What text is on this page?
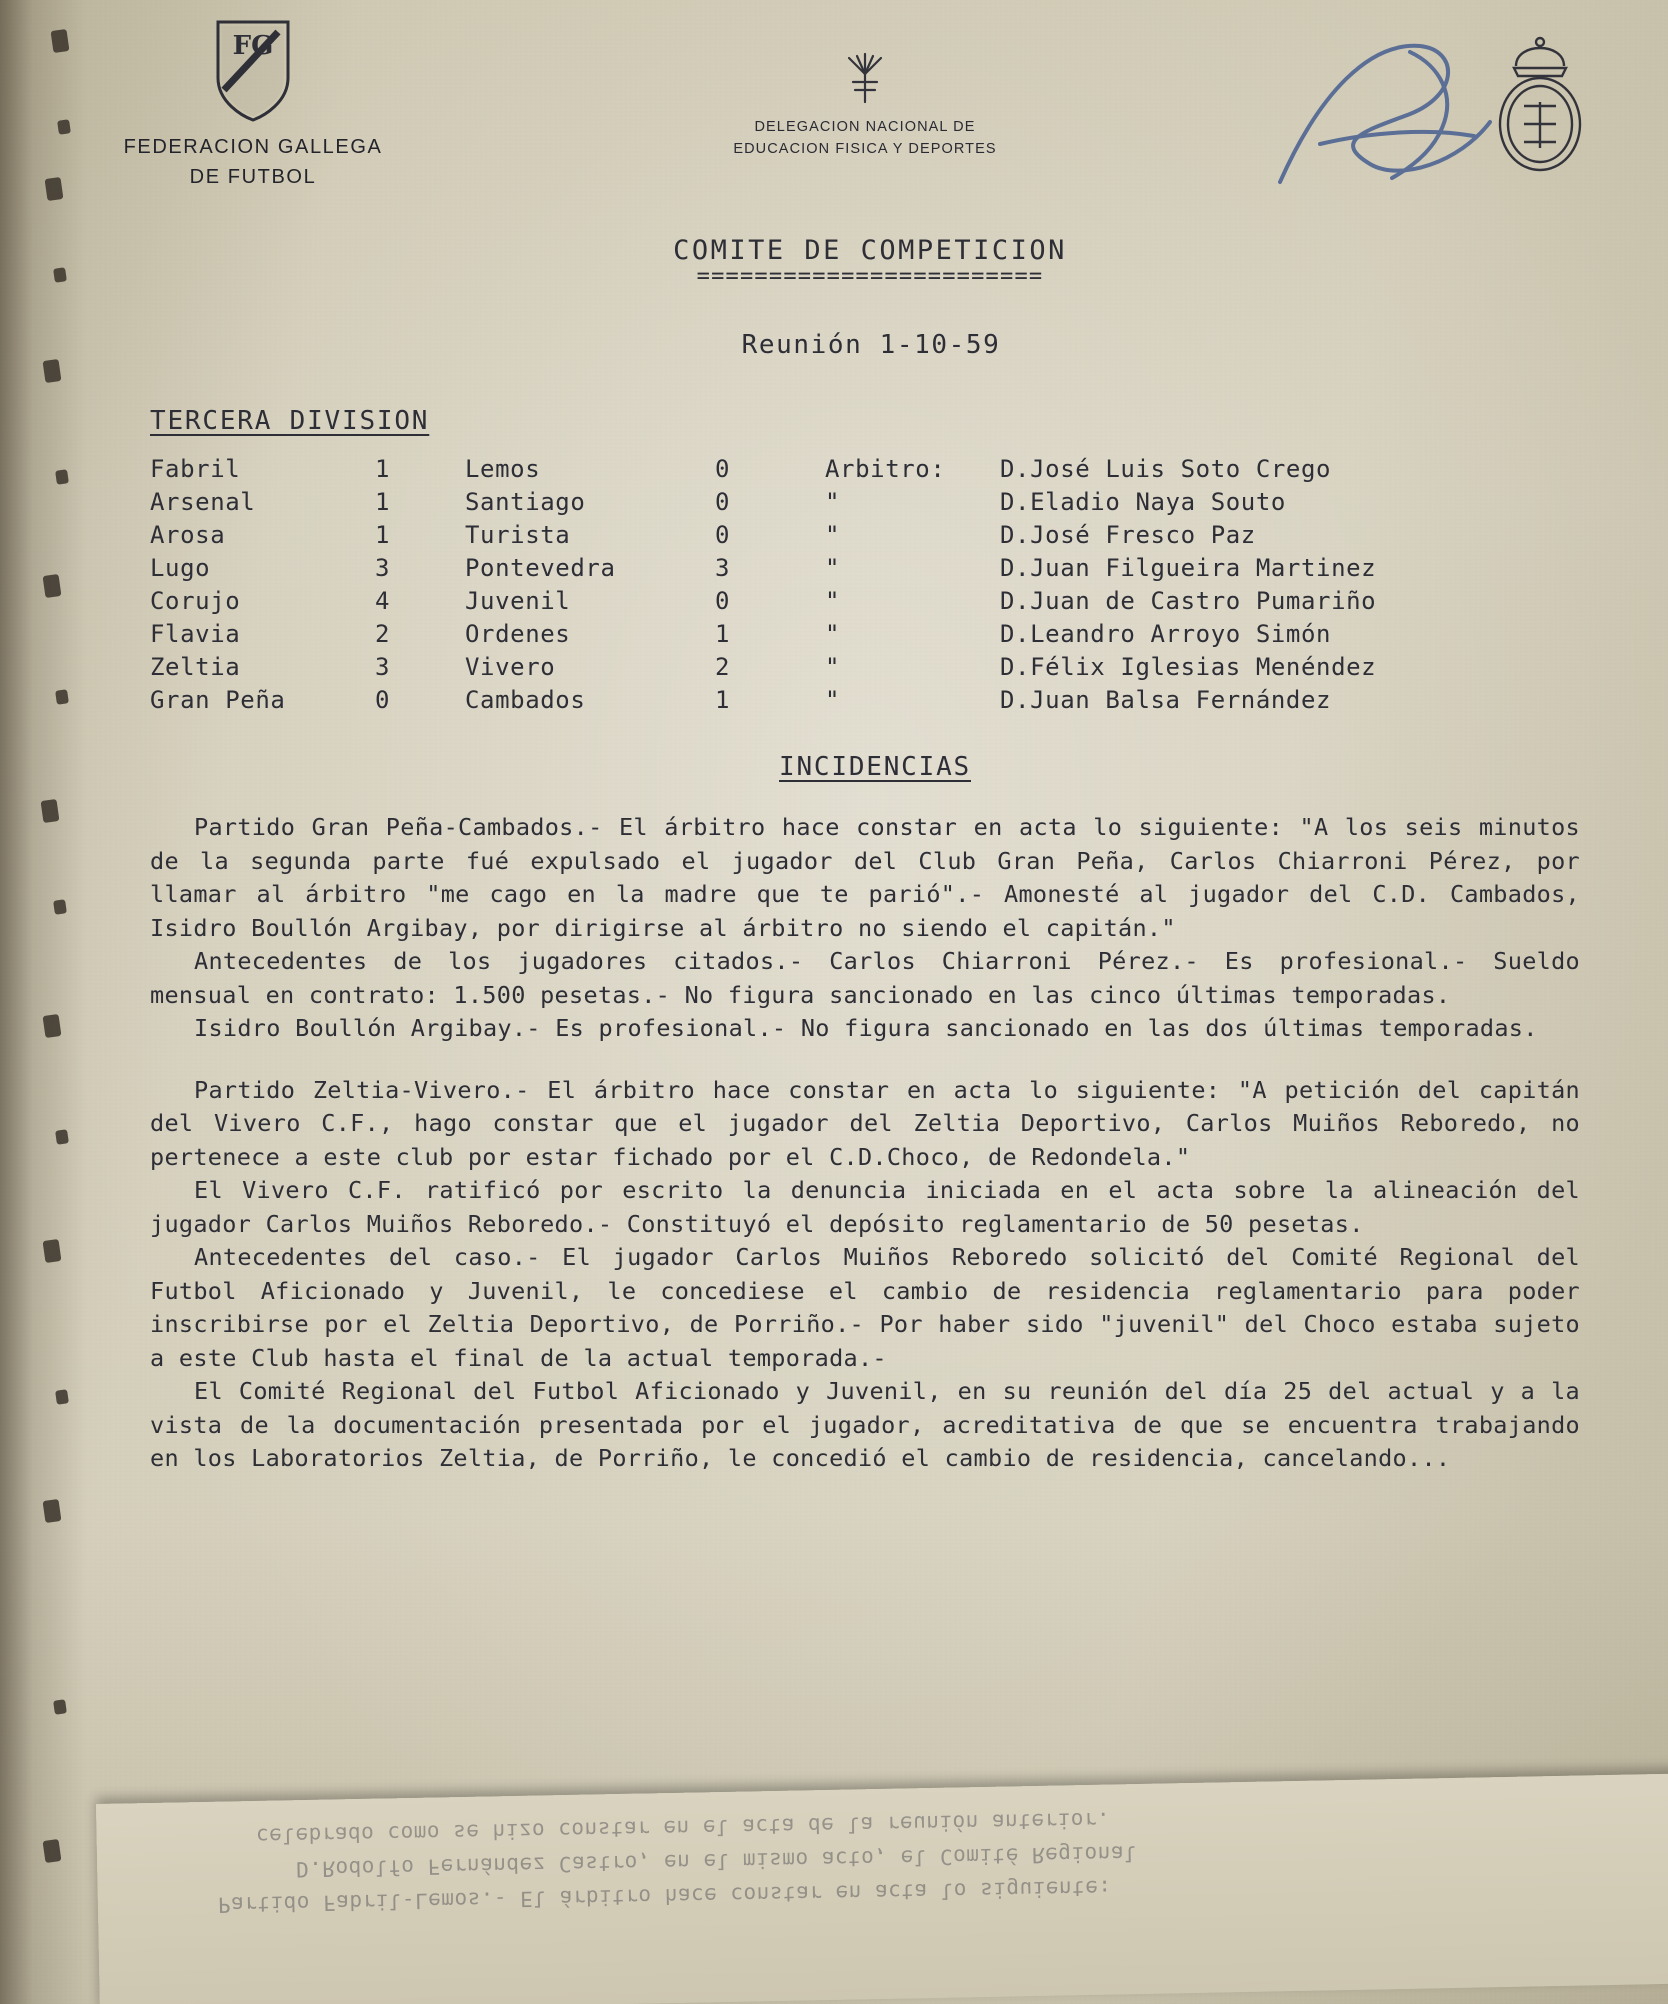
FG
FEDERACION GALLEGA
DE FUTBOL
DELEGACION NACIONAL DE
EDUCACION FISICA Y DEPORTES
COMITE DE COMPETICION
========================
Reunión 1-10-59
TERCERA DIVISION
Fabril	1	Lemos	0	Arbitro:	D.José Luis Soto Crego
Arsenal	1	Santiago	0	"	D.Eladio Naya Souto
Arosa	1	Turista	0	"	D.José Fresco Paz
Lugo	3	Pontevedra	3	"	D.Juan Filgueira Martinez
Corujo	4	Juvenil	0	"	D.Juan de Castro Pumariño
Flavia	2	Ordenes	1	"	D.Leandro Arroyo Simón
Zeltia	3	Vivero	2	"	D.Félix Iglesias Menéndez
Gran Peña	0	Cambados	1	"	D.Juan Balsa Fernández
INCIDENCIAS

Partido Gran Peña-Cambados.- El árbitro hace constar en acta lo siguiente: "A los seis minutos de la segunda parte fué expulsado el jugador del Club Gran Peña, Carlos Chiarroni Pérez, por llamar al árbitro "me cago en la madre que te parió".- Amonesté al jugador del C.D. Cambados, Isidro Boullón Argibay, por dirigirse al árbitro no siendo el capitán."

Antecedentes de los jugadores citados.- Carlos Chiarroni Pérez.- Es profesional.- Sueldo mensual en contrato: 1.500 pesetas.- No figura sancionado en las cinco últimas temporadas.

Isidro Boullón Argibay.- Es profesional.- No figura sancionado en las dos últimas temporadas.

Partido Zeltia-Vivero.- El árbitro hace constar en acta lo siguiente: "A petición del capitán del Vivero C.F., hago constar que el jugador del Zeltia Deportivo, Carlos Muiños Reboredo, no pertenece a este club por estar fichado por el C.D.Choco, de Redondela."

El Vivero C.F. ratificó por escrito la denuncia iniciada en el acta sobre la alineación del jugador Carlos Muiños Reboredo.- Constituyó el depósito reglamentario de 50 pesetas.

Antecedentes del caso.- El jugador Carlos Muiños Reboredo solicitó del Comité Regional del Futbol Aficionado y Juvenil, le concediese el cambio de residencia reglamentario para poder inscribirse por el Zeltia Deportivo, de Porriño.- Por haber sido "juvenil" del Choco estaba sujeto a este Club hasta el final de la actual temporada.-

El Comité Regional del Futbol Aficionado y Juvenil, en su reunión del día 25 del actual y a la vista de la documentación presentada por el jugador, acreditativa de que se encuentra trabajando en los Laboratorios Zeltia, de Porriño, le concedió el cambio de residencia, cancelando...

Partido Fabril-Lemos.- El árbitro hace constar en acta lo siguiente:
D.Rodolfo Fernández Castro, en el mismo acto, el Comité Regional
celebrado como se hizo constar en el acta de la reunión anterior.
